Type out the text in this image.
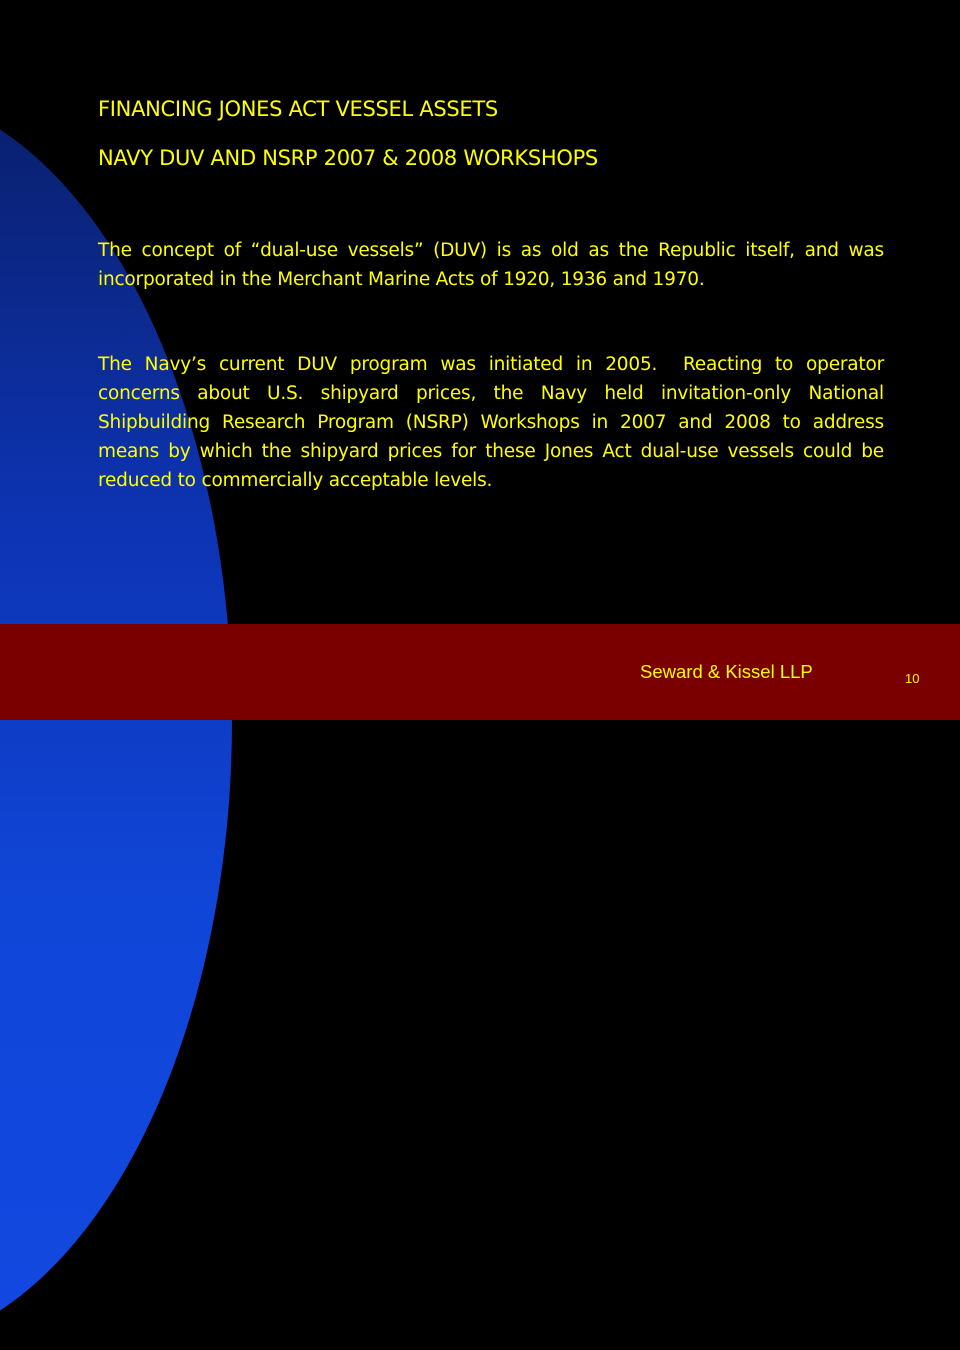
FINANCING JONES ACT VESSEL ASSETS
NAVY DUV AND NSRP 2007 & 2008 WORKSHOPS

The concept of “dual-use vessels” (DUV) is as old as the Republic itself, and was incorporated in the Merchant Marine Acts of 1920, 1936 and 1970.

The Navy’s current DUV program was initiated in 2005.  Reacting to operator concerns about U.S. shipyard prices, the Navy held invitation-only National Shipbuilding Research Program (NSRP) Workshops in 2007 and 2008 to address means by which the shipyard prices for these Jones Act dual-use vessels could be reduced to commercially acceptable levels.

Seward & Kissel LLP	10
